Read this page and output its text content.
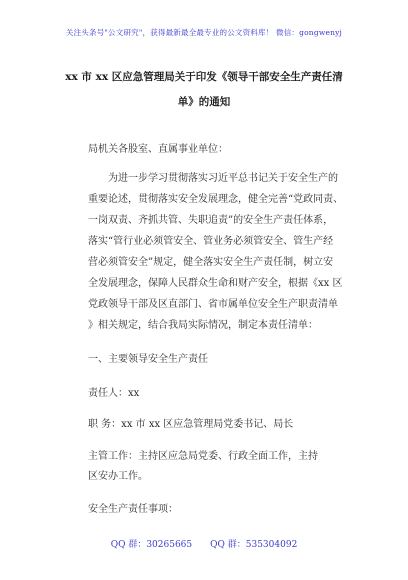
关注头条号"公文研究"，获得最新最全最专业的公文资料库！ 微信：gongwenyj
xx 市 xx 区应急管理局关于印发《领导干部安全生产责任清
单》的通知
局机关各股室、直属事业单位：
为进一步学习贯彻落实习近平总书记关于安全生产的
重要论述，贯彻落实安全发展理念，健全完善“党政同责、
一岗双责、齐抓共管、失职追责”的安全生产责任体系，
落实“管行业必须管安全、管业务必须管安全、管生产经
营必须管安全”规定，健全落实安全生产责任制，树立安
全发展理念，保障人民群众生命和财产安全，根据《xx 区
党政领导干部及区直部门、省市属单位安全生产职责清单
》相关规定，结合我局实际情况，制定本责任清单：
一、主要领导安全生产责任
责任人：xx
职 务：xx 市 xx 区应急管理局党委书记、局长
主管工作：主持区应急局党委、行政全面工作，主持
区安办工作。
安全生产责任事项：
QQ 群：30265665 QQ 群：535304092
